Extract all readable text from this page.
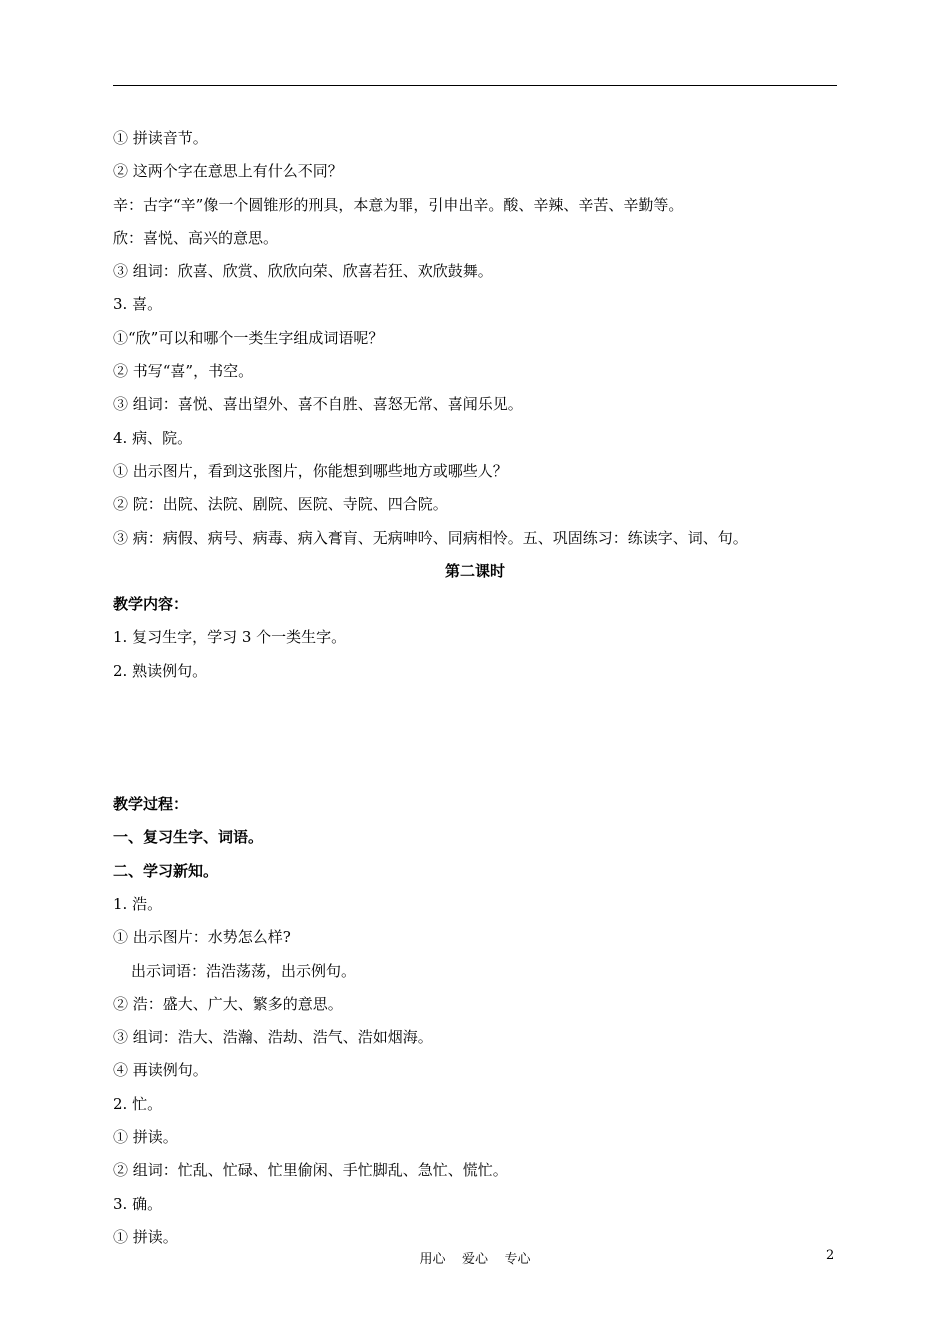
① 拼读音节。
② 这两个字在意思上有什么不同？
辛：古字“辛”像一个圆锥形的刑具，本意为罪，引申出辛。酸、辛辣、辛苦、辛勤等。
欣：喜悦、高兴的意思。
③ 组词：欣喜、欣赏、欣欣向荣、欣喜若狂、欢欣鼓舞。
3. 喜。
①“欣”可以和哪个一类生字组成词语呢？
② 书写“喜”，书空。
③ 组词：喜悦、喜出望外、喜不自胜、喜怒无常、喜闻乐见。
4. 病、院。
① 出示图片，看到这张图片，你能想到哪些地方或哪些人？
② 院：出院、法院、剧院、医院、寺院、四合院。
③ 病：病假、病号、病毒、病入膏肓、无病呻吟、同病相怜。五、巩固练习：练读字、词、句。
第二课时
教学内容：
1. 复习生字，学习 3 个一类生字。
2. 熟读例句。
教学过程：
一、复习生字、词语。
二、学习新知。
1. 浩。
① 出示图片：水势怎么样?
出示词语：浩浩荡荡，出示例句。
② 浩：盛大、广大、繁多的意思。
③ 组词：浩大、浩瀚、浩劫、浩气、浩如烟海。
④ 再读例句。
2. 忙。
① 拼读。
② 组词：忙乱、忙碌、忙里偷闲、手忙脚乱、急忙、慌忙。
3. 确。
① 拼读。
用心    爱心    专心	2
